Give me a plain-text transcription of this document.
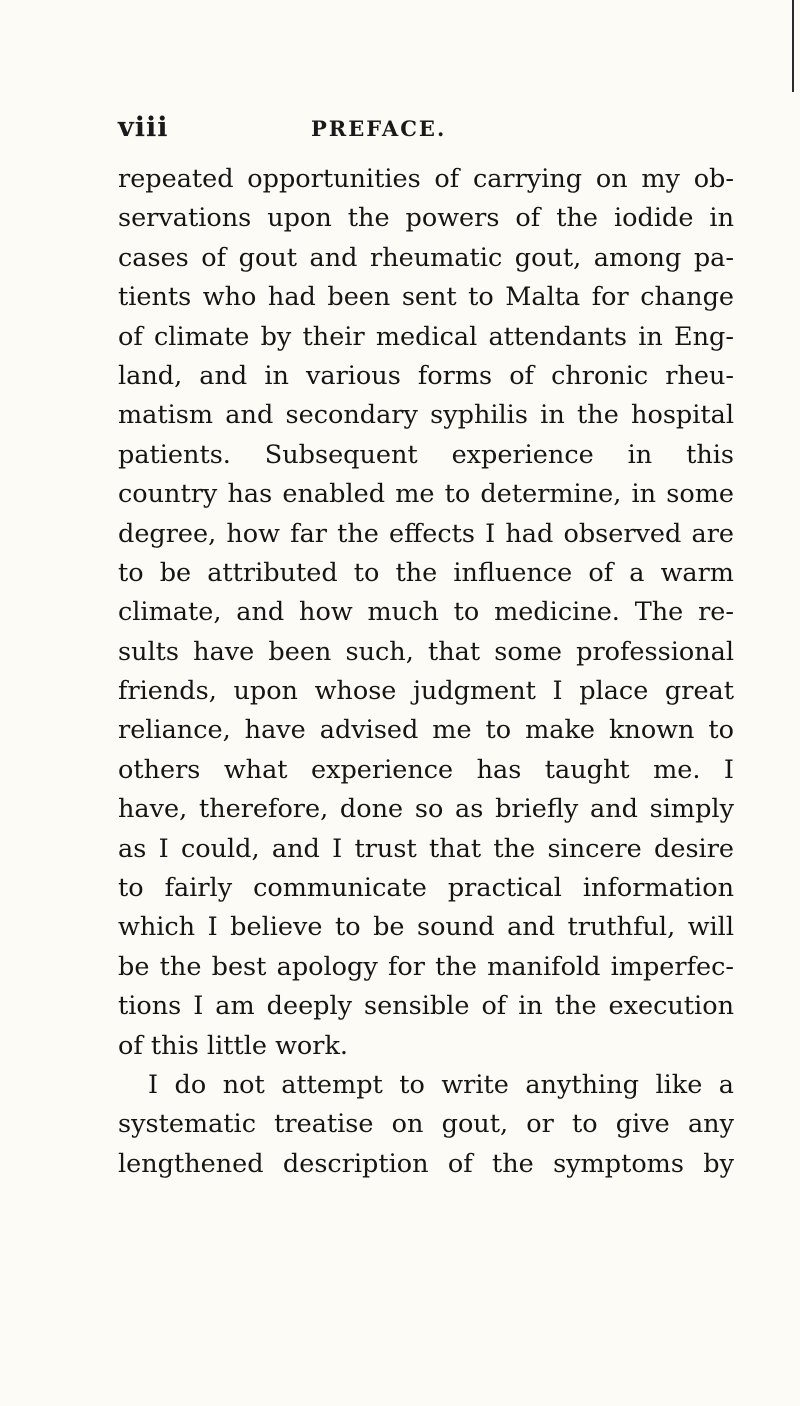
viii	PREFACE.
repeated opportunities of carrying on my ob-
servations upon the powers of the iodide in
cases of gout and rheumatic gout, among pa-
tients who had been sent to Malta for change
of climate by their medical attendants in Eng-
land, and in various forms of chronic rheu-
matism and secondary syphilis in the hospital
patients. Subsequent experience in this
country has enabled me to determine, in some
degree, how far the effects I had observed are
to be attributed to the influence of a warm
climate, and how much to medicine. The re-
sults have been such, that some professional
friends, upon whose judgment I place great
reliance, have advised me to make known to
others what experience has taught me. I
have, therefore, done so as briefly and simply
as I could, and I trust that the sincere desire
to fairly communicate practical information
which I believe to be sound and truthful, will
be the best apology for the manifold imperfec-
tions I am deeply sensible of in the execution
of this little work.
I do not attempt to write anything like a
systematic treatise on gout, or to give any
lengthened description of the symptoms by
